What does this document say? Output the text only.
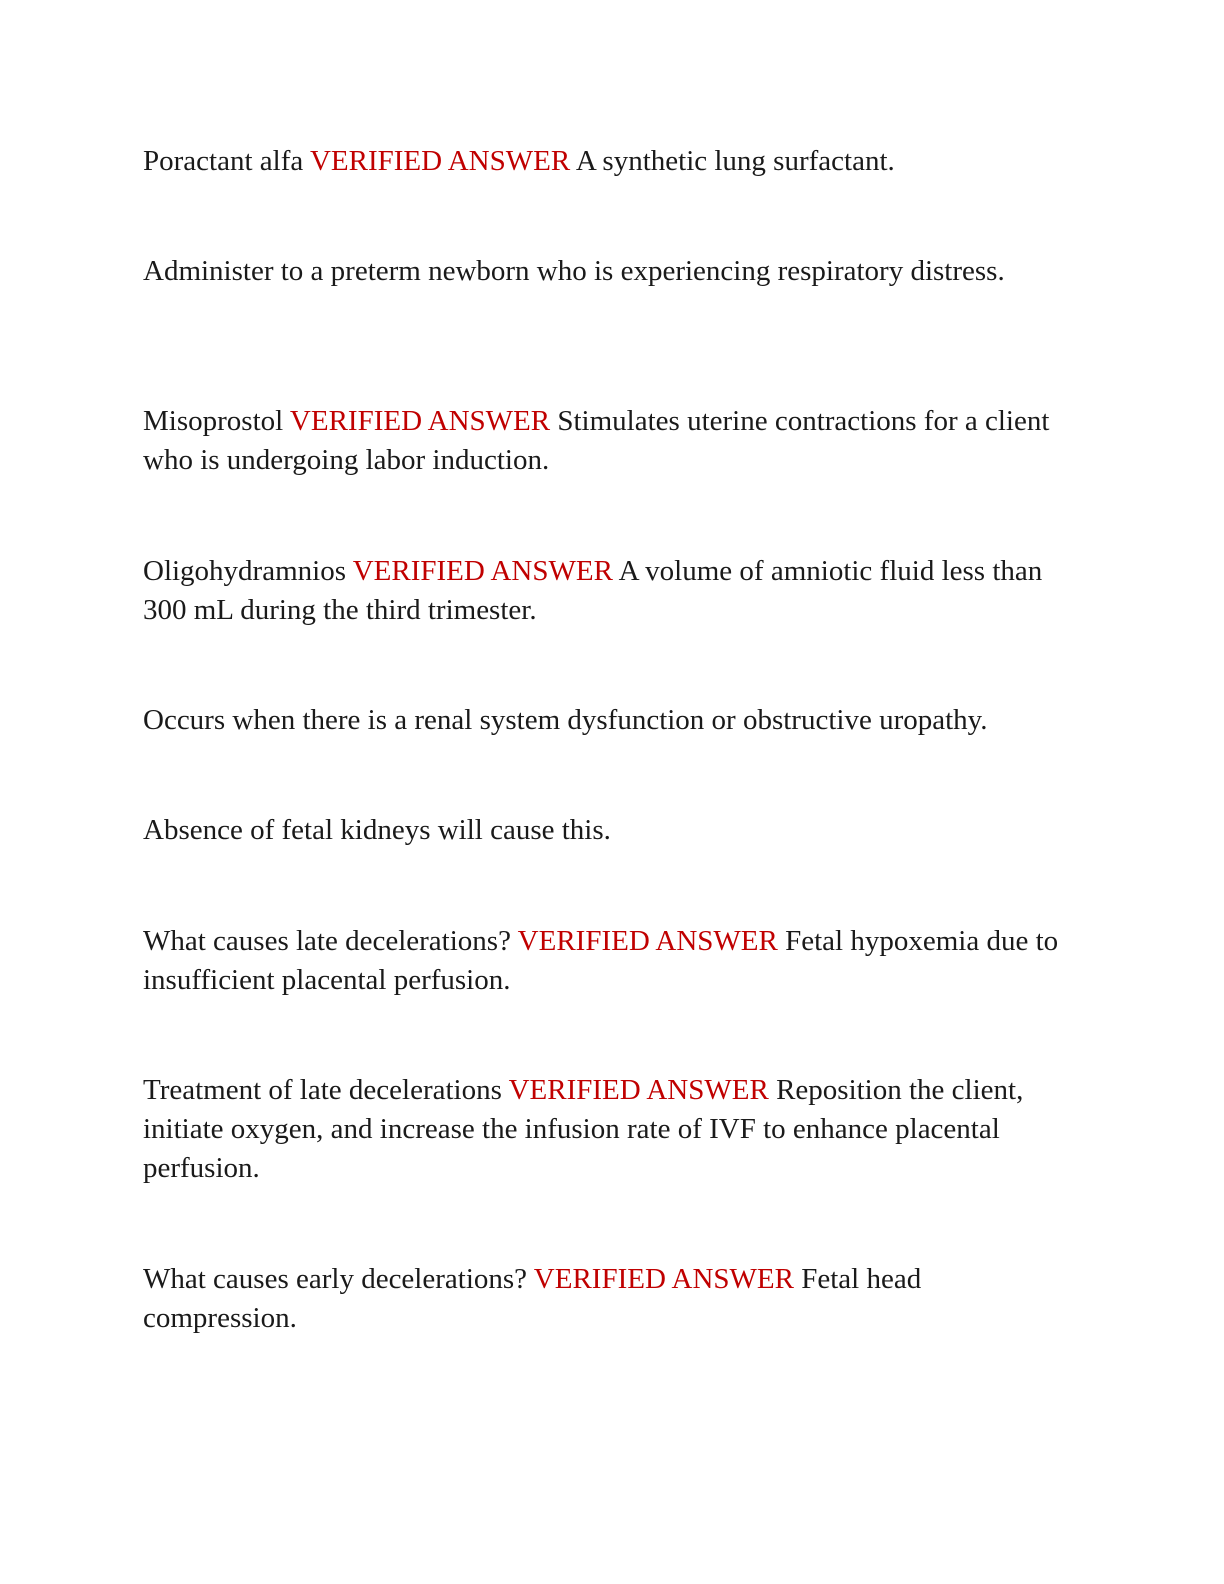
Poractant alfa VERIFIED ANSWER A synthetic lung surfactant.

Administer to a preterm newborn who is experiencing respiratory distress.

Misoprostol VERIFIED ANSWER Stimulates uterine contractions for a client who is undergoing labor induction.

Oligohydramnios VERIFIED ANSWER A volume of amniotic fluid less than 300 mL during the third trimester.

Occurs when there is a renal system dysfunction or obstructive uropathy.

Absence of fetal kidneys will cause this.

What causes late decelerations? VERIFIED ANSWER Fetal hypoxemia due to insufficient placental perfusion.

Treatment of late decelerations VERIFIED ANSWER Reposition the client, initiate oxygen, and increase the infusion rate of IVF to enhance placental perfusion.

What causes early decelerations? VERIFIED ANSWER Fetal head compression.
